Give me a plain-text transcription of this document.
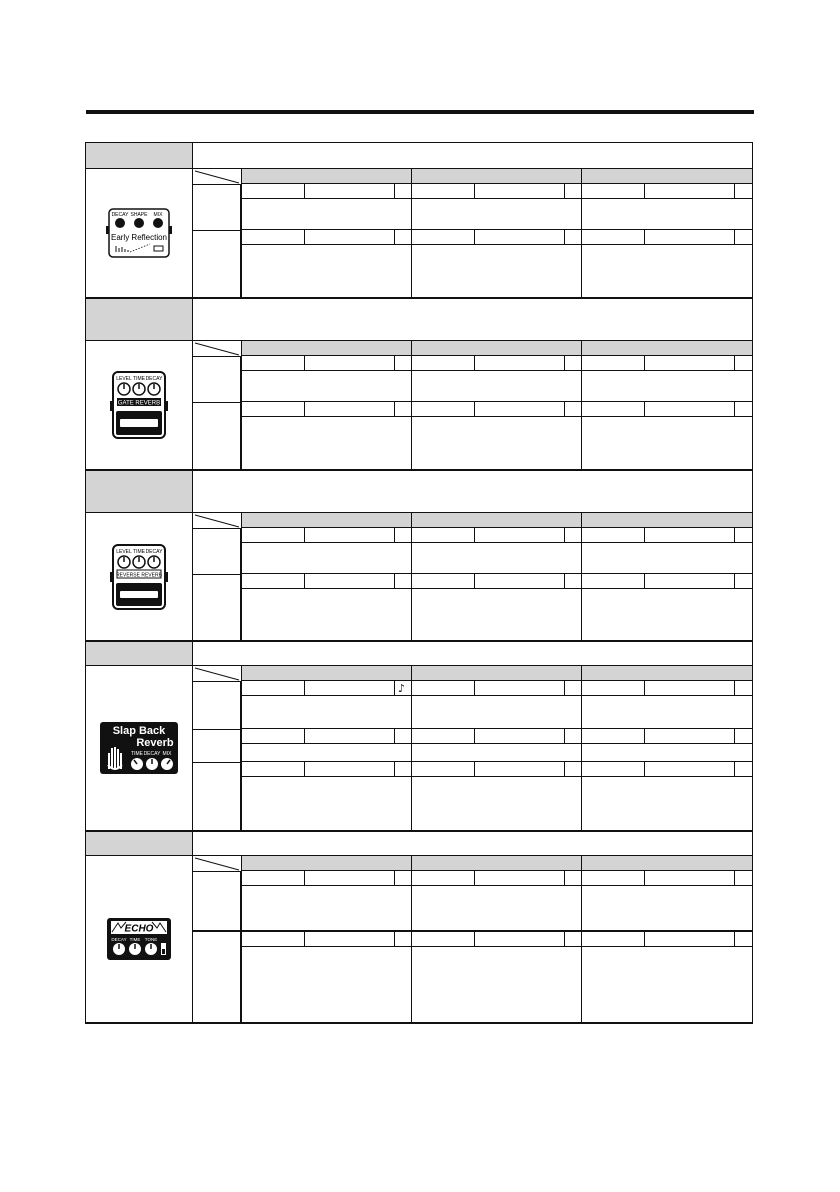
DECAY SHAPE MIX
Early Reflection
LEVEL TIME DECAY
GATE REVERB
LEVEL TIME DECAY
REVERSE REVERB
Slap Back
Reverb
TIME DECAY MIX
♪
ECHO
DECAY TIME TONE
